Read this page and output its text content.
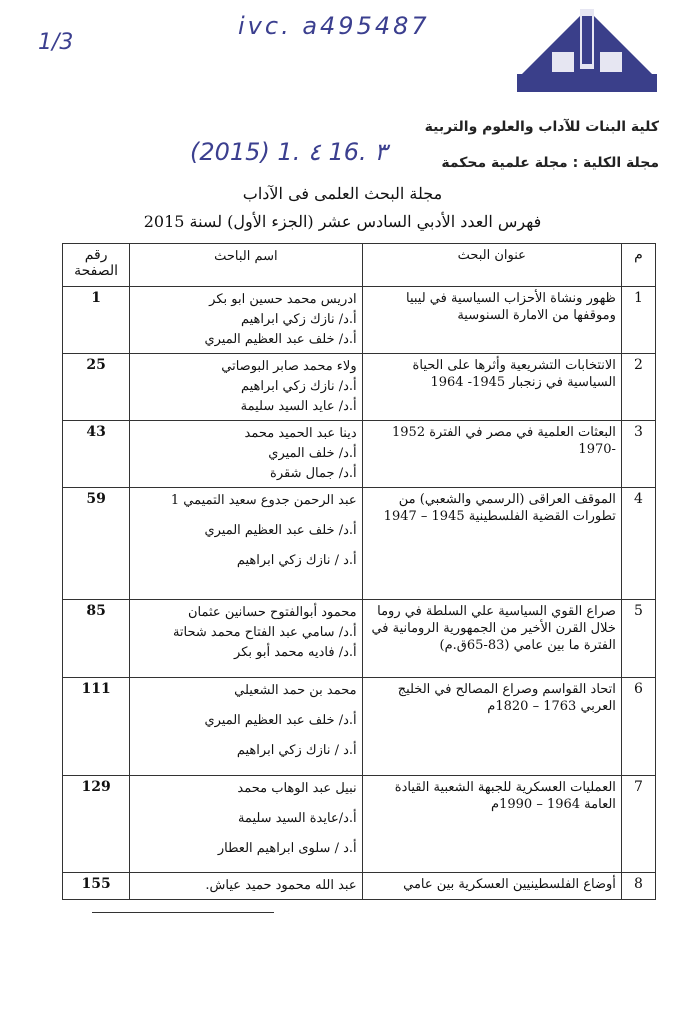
1/3
ivc. a495487
(2015) 1. ٤ 16. ٣
كلية البنات للآداب والعلوم والتربية
مجلة الكلية : مجلة علمية محكمة
مجلة البحث العلمى فى الآداب
فهرس العدد الأدبي السادس عشر (الجزء الأول) لسنة 2015
م	عنوان البحث	اسم الباحث	رقم الصفحة
1	ظهور ونشاة الأحزاب السياسية في ليبيا وموقفها من الامارة السنوسية	ادريس محمد حسين ابو بكر
أ.د/ نازك زكي ابراهيم
أ.د/ خلف عبد العظيم الميري	1
2	الانتخابات التشريعية وأثرها على الحياة السياسية في زنجبار 1945- 1964	ولاء محمد صابر البوصاتي
أ.د/ نازك زكي ابراهيم
أ.د/ عايد السيد سليمة	25
3	البعثات العلمية في مصر في الفترة 1952 -1970	دينا عبد الحميد محمد
أ.د/ خلف الميري
أ.د/ جمال شقرة	43
4	الموقف العراقى (الرسمي والشعبي) من تطورات القضية الفلسطينية 1945 – 1947	عبد الرحمن جدوع سعيد التميمي 1
أ.د/ خلف عبد العظيم الميري
أ.د / نازك زكي ابراهيم	59
5	صراع القوي السياسية علي السلطة في روما خلال القرن الأخير من الجمهورية الرومانية في الفترة ما بين عامي (83-65ق.م)	محمود أبوالفتوح حسانين عثمان
أ.د/ سامي عبد الفتاح محمد شحاتة
أ.د/ فاديه محمد أبو بكر	85
6	اتحاد القواسم وصراع المصالح في الخليج العربي 1763 – 1820م	محمد بن حمد الشعيلي
أ.د/ خلف عبد العظيم الميري
أ.د / نازك زكي ابراهيم	111
7	العمليات العسكرية للجبهة الشعبية القيادة العامة 1964 – 1990م	نبيل عبد الوهاب محمد
أ.د/عايدة السيد سليمة
أ.د / سلوى ابراهيم العطار	129
8	أوضاع الفلسطينيين العسكرية بين عامي	عبد الله محمود حميد عياش.	155
